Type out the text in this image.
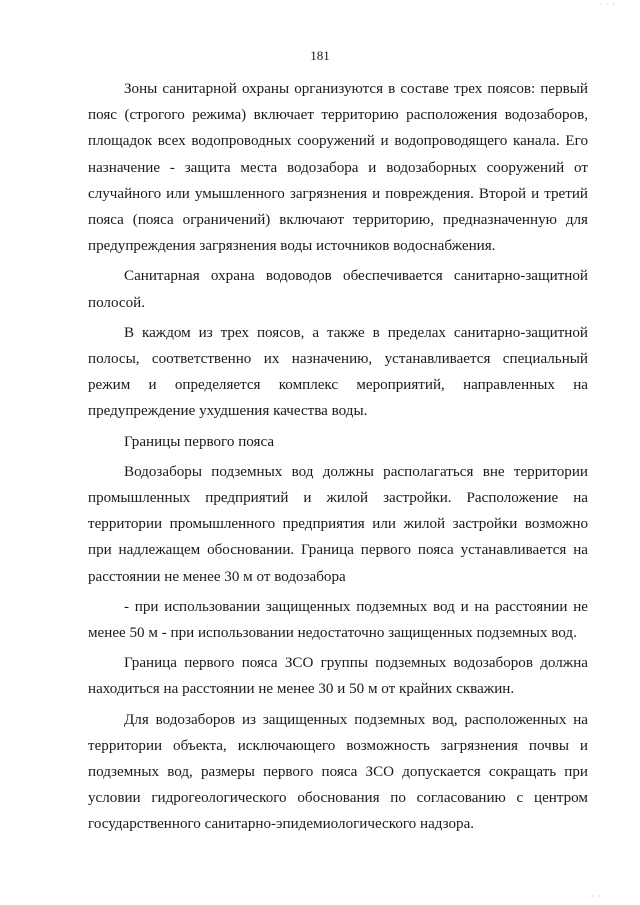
181

Зоны санитарной охраны организуются в составе трех поясов: первый пояс (строгого режима) включает территорию расположения водозаборов, площадок всех водопроводных сооружений и водопроводящего канала. Его назначение - защита места водозабора и водозаборных сооружений от случайного или умышленного загрязнения и повреждения. Второй и третий пояса (пояса ограничений) включают территорию, предназначенную для предупреждения загрязнения воды источников водоснабжения.

Санитарная охрана водоводов обеспечивается санитарно-защитной полосой.

В каждом из трех поясов, а также в пределах санитарно-защитной полосы, соответственно их назначению, устанавливается специальный режим и определяется комплекс мероприятий, направленных на предупреждение ухудшения качества воды.

Границы первого пояса

Водозаборы подземных вод должны располагаться вне территории промышленных предприятий и жилой застройки. Расположение на территории промышленного предприятия или жилой застройки возможно при надлежащем обосновании. Граница первого пояса устанавливается на расстоянии не менее 30 м от водозабора

- при использовании защищенных подземных вод и на расстоянии не менее 50 м - при использовании недостаточно защищенных подземных вод.

Граница первого пояса ЗСО группы подземных водозаборов должна находиться на расстоянии не менее 30 и 50 м от крайних скважин.

Для водозаборов из защищенных подземных вод, расположенных на территории объекта, исключающего возможность загрязнения почвы и подземных вод, размеры первого пояса ЗСО допускается сокращать при условии гидрогеологического обоснования по согласованию с центром государственного санитарно-эпидемиологического надзора.

· · ·
· · · ·
